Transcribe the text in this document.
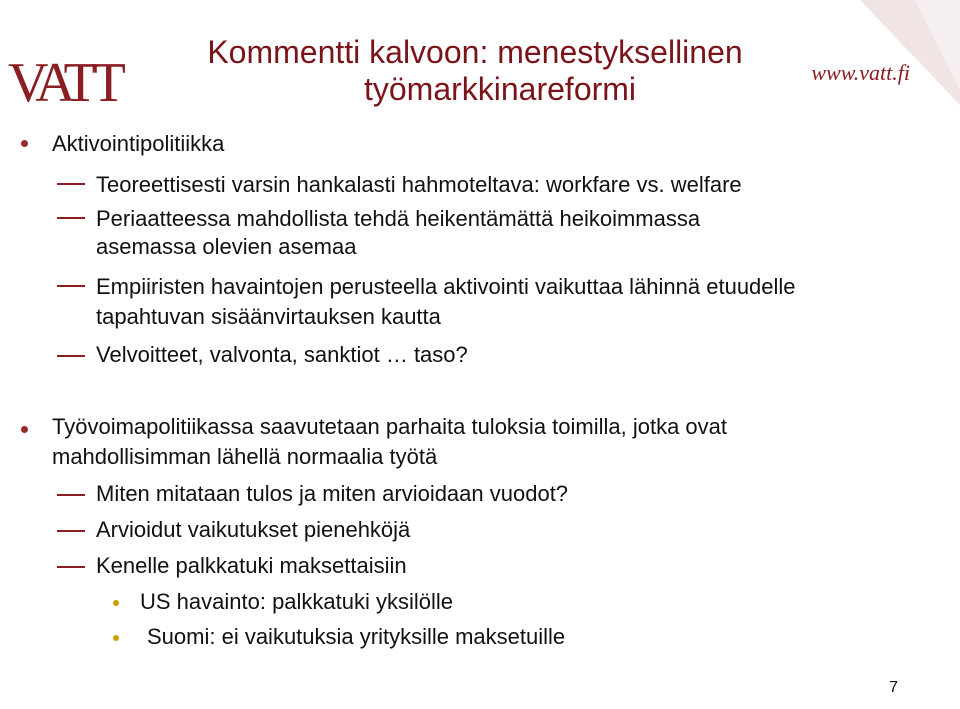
VATT	www.vatt.fi
Kommentti kalvoon: menestyksellinen
työmarkkinareformi
Aktivointipolitiikka
Teoreettisesti varsin hankalasti hahmoteltava: workfare vs. welfare
Periaatteessa mahdollista tehdä heikentämättä heikoimmassa
asemassa olevien asemaa
Empiiristen havaintojen perusteella aktivointi vaikuttaa lähinnä etuudelle
tapahtuvan sisäänvirtauksen kautta
Velvoitteet, valvonta, sanktiot … taso?
Työvoimapolitiikassa saavutetaan parhaita tuloksia toimilla, jotka ovat
mahdollisimman lähellä normaalia työtä
Miten mitataan tulos ja miten arvioidaan vuodot?
Arvioidut vaikutukset pienehköjä
Kenelle palkkatuki maksettaisiin
US havainto: palkkatuki yksilölle
Suomi: ei vaikutuksia yrityksille maksetuille
7
